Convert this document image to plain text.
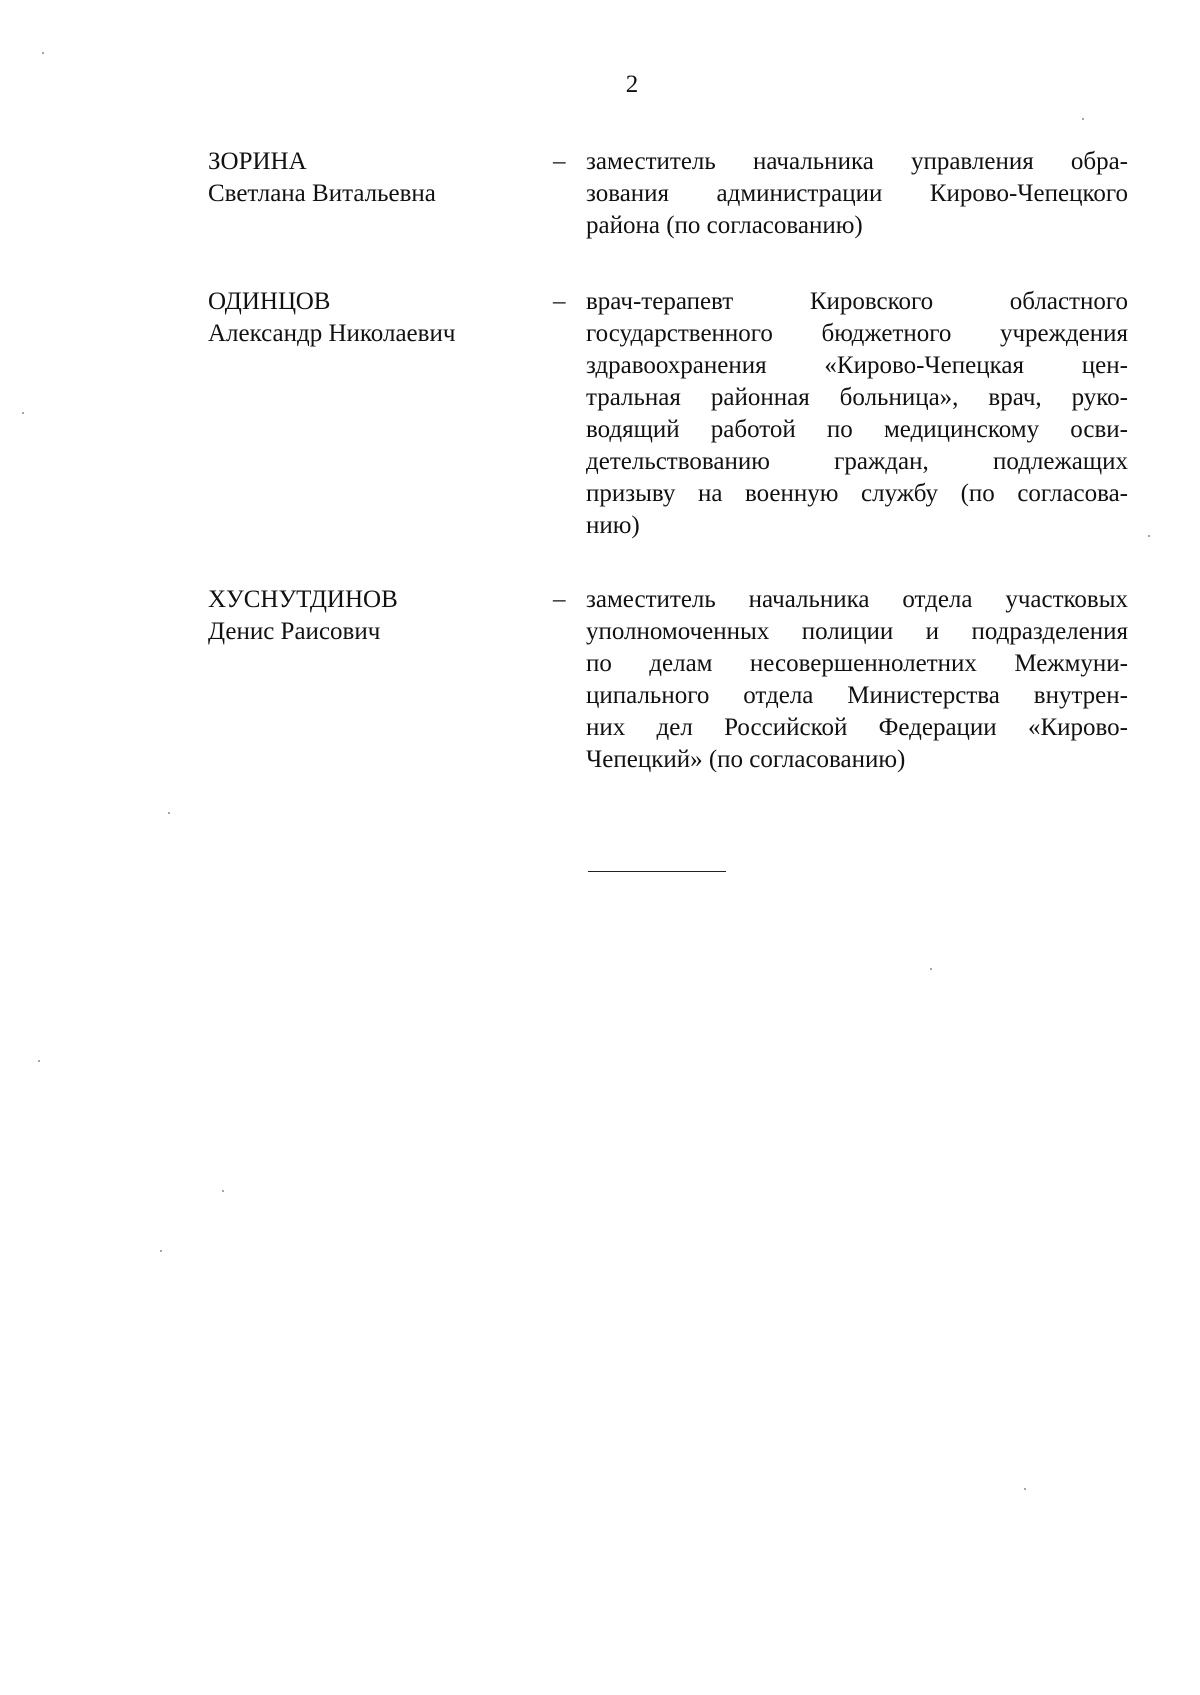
2
ЗОРИНА
Светлана Витальевна
– заместитель начальника управления обра-
зования администрации Кирово-Чепецкого
района (по согласованию)
ОДИНЦОВ
Александр Николаевич
– врач-терапевт Кировского областного
государственного бюджетного учреждения
здравоохранения «Кирово-Чепецкая цен-
тральная районная больница», врач, руко-
водящий работой по медицинскому осви-
детельствованию граждан, подлежащих
призыву на военную службу (по согласова-
нию)
ХУСНУТДИНОВ
Денис Раисович
– заместитель начальника отдела участковых
уполномоченных полиции и подразделения
по делам несовершеннолетних Межмуни-
ципального отдела Министерства внутрен-
них дел Российской Федерации «Кирово-
Чепецкий» (по согласованию)
